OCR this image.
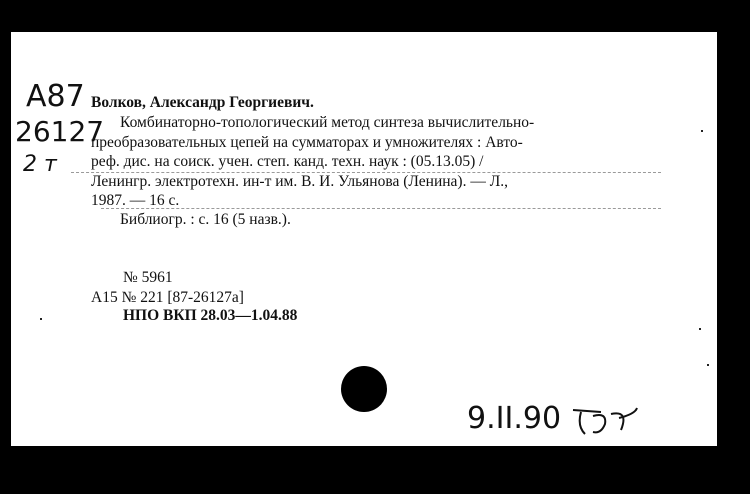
А87
26127
2 т
Волков, Александр Георгиевич.
Комбинаторно-топологический метод синтеза вычислительно-
преобразовательных цепей на сумматорах и умножителях : Авто-
реф. дис. на соиск. учен. степ. канд. техн. наук : (05.13.05) /
Ленингр. электротехн. ин-т им. В. И. Ульянова (Ленина). — Л.,
1987. — 16 с.
Библиогр. : с. 16 (5 назв.).
№ 5961
А15 № 221 [87-26127а]
НПО ВКП 28.03—1.04.88
9.II.90
